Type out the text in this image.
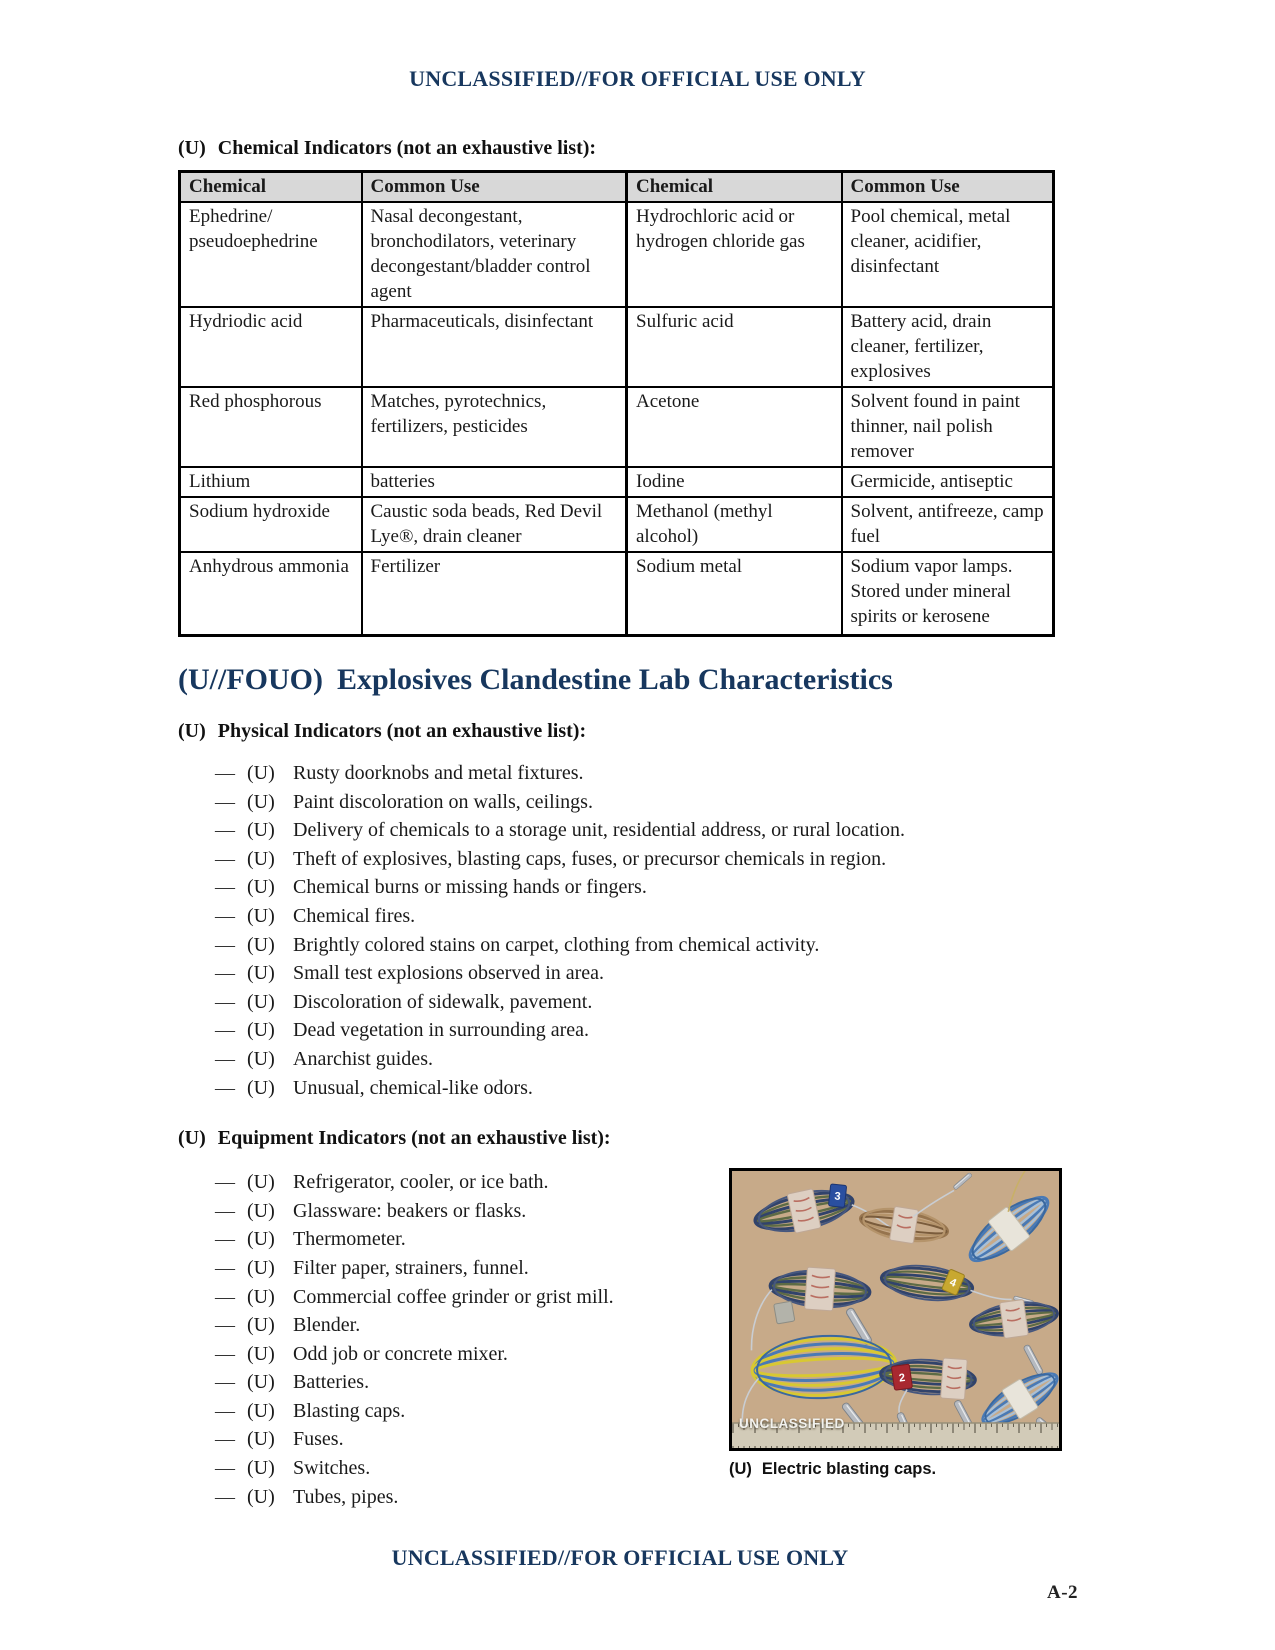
UNCLASSIFIED//FOR OFFICIAL USE ONLY
(U) Chemical Indicators (not an exhaustive list):
Chemical	Common Use	Chemical	Common Use
Ephedrine/ pseudoephedrine	Nasal decongestant, bronchodilators, veterinary decongestant/bladder control agent	Hydrochloric acid or hydrogen chloride gas	Pool chemical, metal cleaner, acidifier, disinfectant
Hydriodic acid	Pharmaceuticals, disinfectant	Sulfuric acid	Battery acid, drain cleaner, fertilizer, explosives
Red phosphorous	Matches, pyrotechnics, fertilizers, pesticides	Acetone	Solvent found in paint thinner, nail polish remover
Lithium	batteries	Iodine	Germicide, antiseptic
Sodium hydroxide	Caustic soda beads, Red Devil Lye®, drain cleaner	Methanol (methyl alcohol)	Solvent, antifreeze, camp fuel
Anhydrous ammonia	Fertilizer	Sodium metal	Sodium vapor lamps. Stored under mineral spirits or kerosene
(U//FOUO) Explosives Clandestine Lab Characteristics
(U) Physical Indicators (not an exhaustive list):
— (U) Rusty doorknobs and metal fixtures.
— (U) Paint discoloration on walls, ceilings.
— (U) Delivery of chemicals to a storage unit, residential address, or rural location.
— (U) Theft of explosives, blasting caps, fuses, or precursor chemicals in region.
— (U) Chemical burns or missing hands or fingers.
— (U) Chemical fires.
— (U) Brightly colored stains on carpet, clothing from chemical activity.
— (U) Small test explosions observed in area.
— (U) Discoloration of sidewalk, pavement.
— (U) Dead vegetation in surrounding area.
— (U) Anarchist guides.
— (U) Unusual, chemical-like odors.
(U) Equipment Indicators (not an exhaustive list):
— (U) Refrigerator, cooler, or ice bath.
— (U) Glassware: beakers or flasks.
— (U) Thermometer.
— (U) Filter paper, strainers, funnel.
— (U) Commercial coffee grinder or grist mill.
— (U) Blender.
— (U) Odd job or concrete mixer.
— (U) Batteries.
— (U) Blasting caps.
— (U) Fuses.
— (U) Switches.
— (U) Tubes, pipes.
3
4
2
UNCLASSIFIED
(U) Electric blasting caps.
UNCLASSIFIED//FOR OFFICIAL USE ONLY
A-2
